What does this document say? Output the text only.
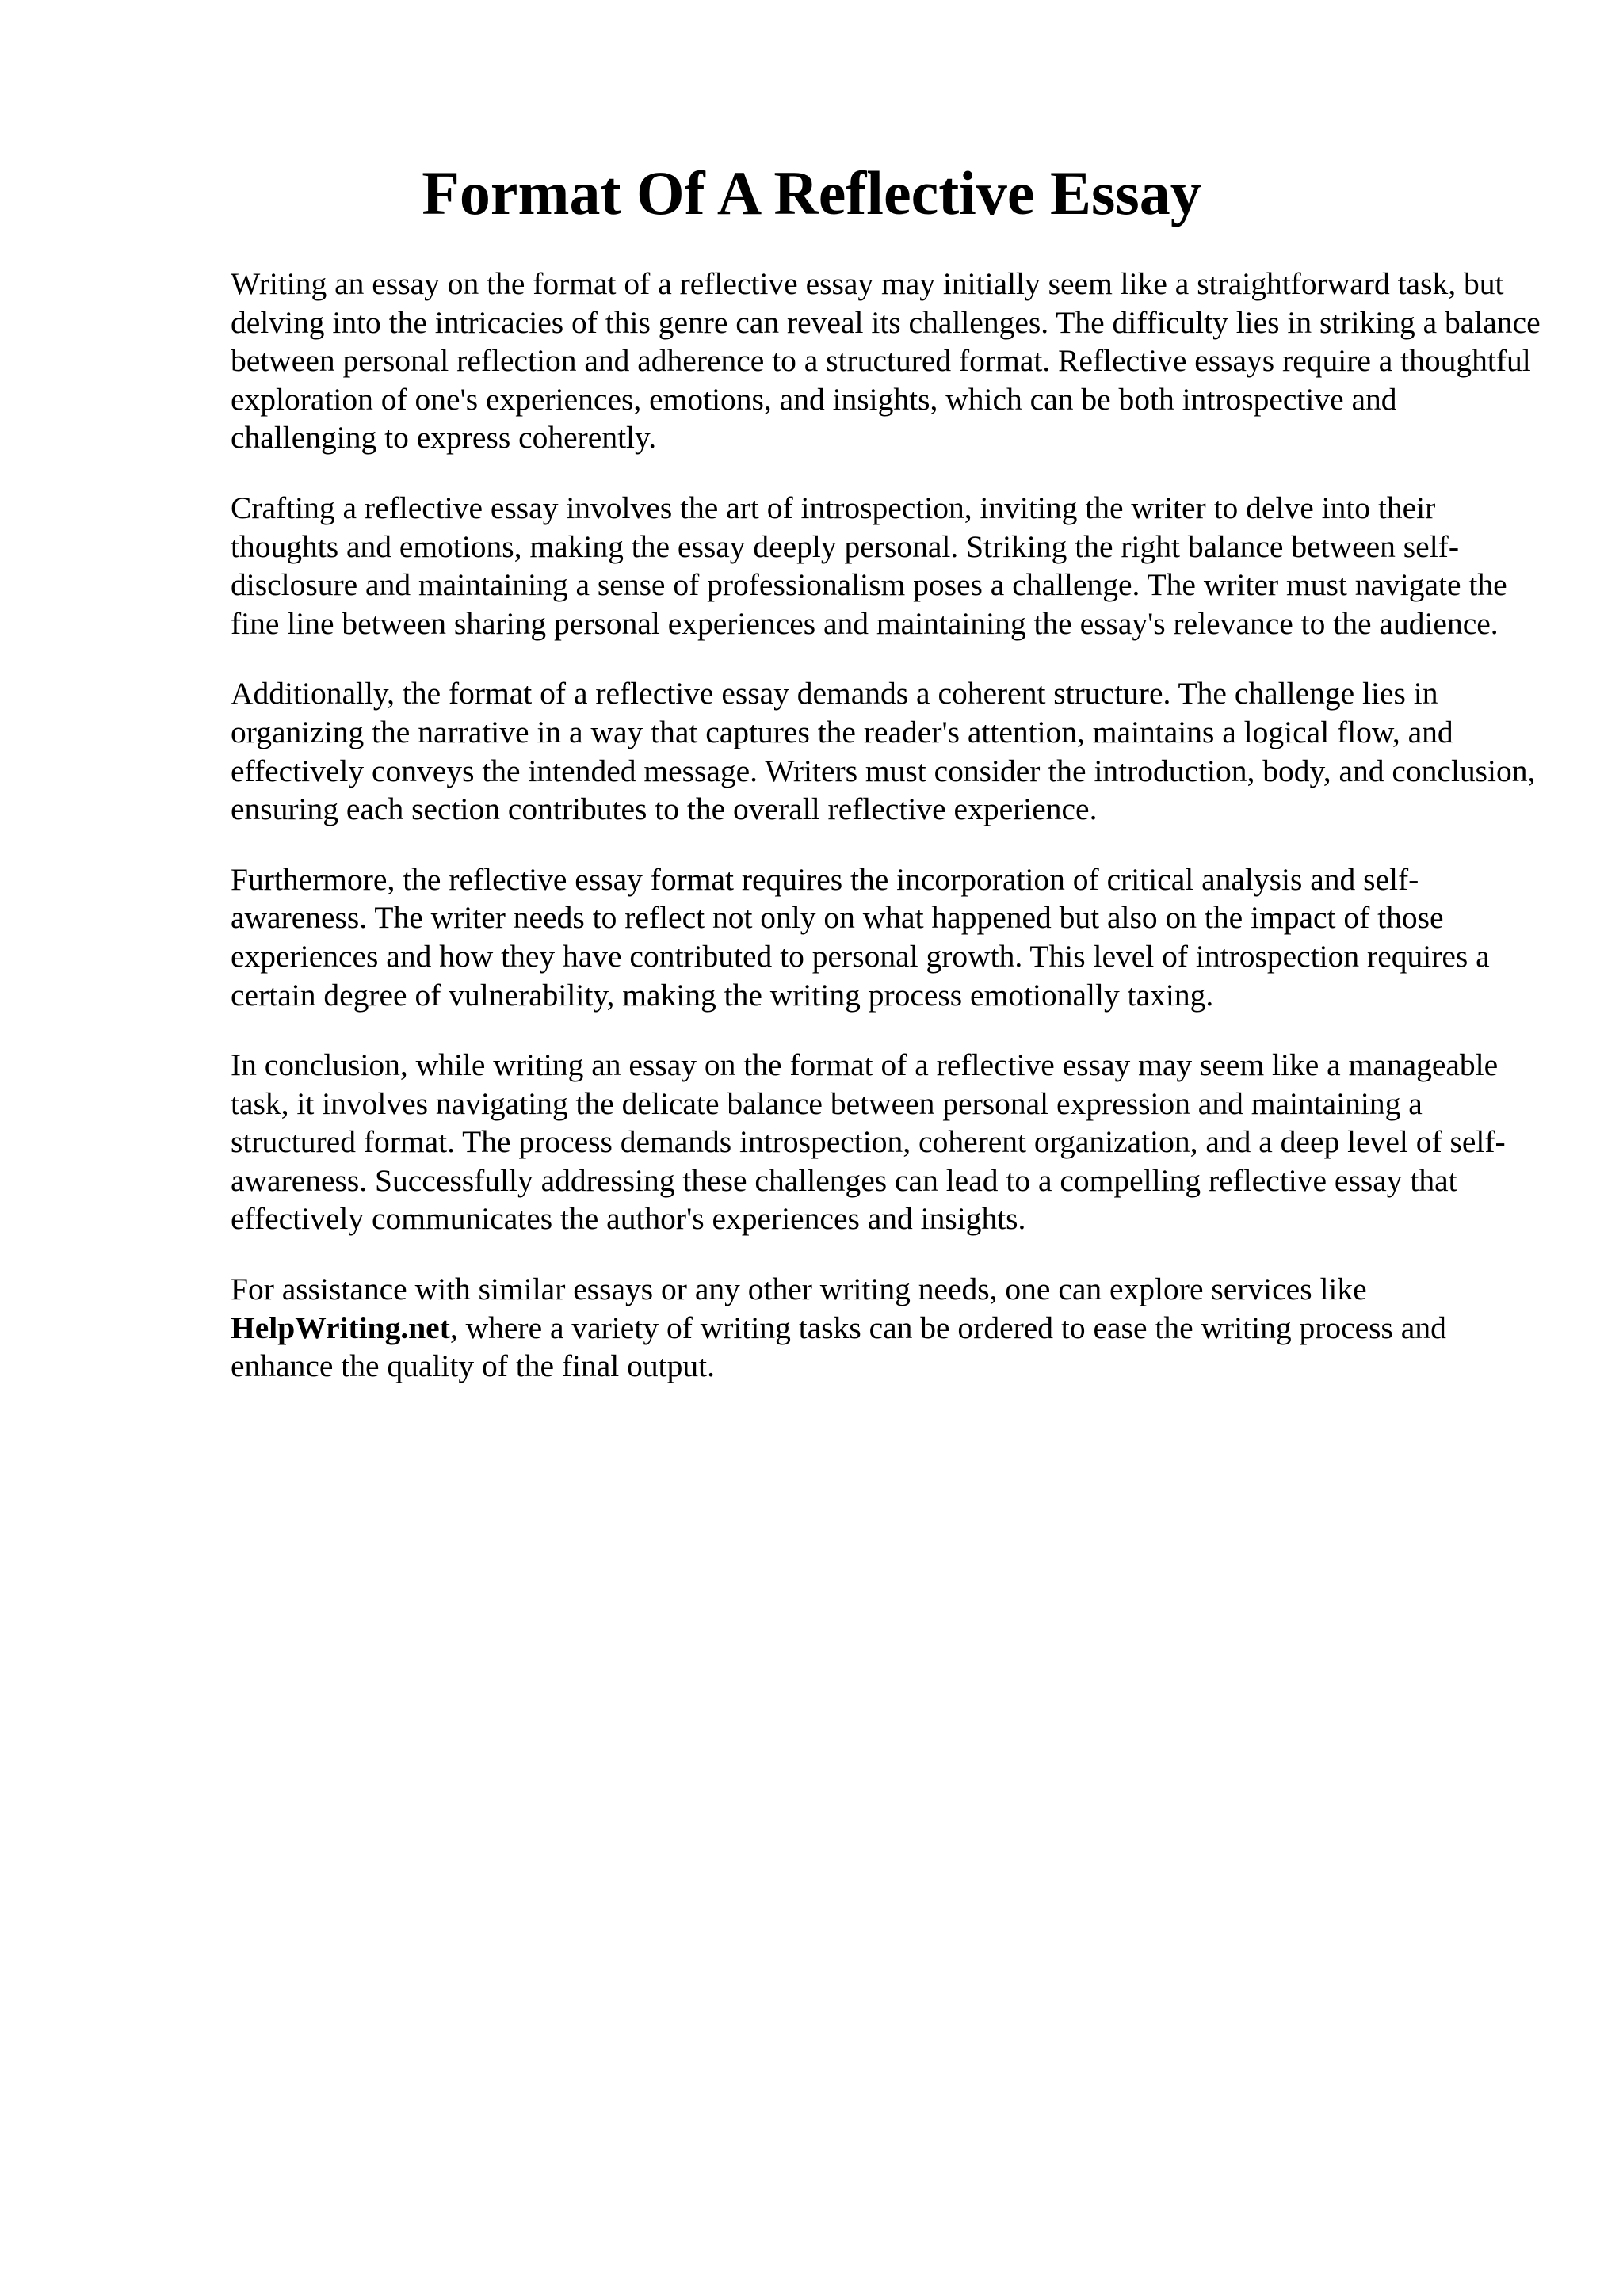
Format Of A Reflective Essay

Writing an essay on the format of a reflective essay may initially seem like a straightforward task, but delving into the intricacies of this genre can reveal its challenges. The difficulty lies in striking a balance between personal reflection and adherence to a structured format. Reflective essays require a thoughtful exploration of one's experiences, emotions, and insights, which can be both introspective and challenging to express coherently.

Crafting a reflective essay involves the art of introspection, inviting the writer to delve into their thoughts and emotions, making the essay deeply personal. Striking the right balance between self-disclosure and maintaining a sense of professionalism poses a challenge. The writer must navigate the fine line between sharing personal experiences and maintaining the essay's relevance to the audience.

Additionally, the format of a reflective essay demands a coherent structure. The challenge lies in organizing the narrative in a way that captures the reader's attention, maintains a logical flow, and effectively conveys the intended message. Writers must consider the introduction, body, and conclusion, ensuring each section contributes to the overall reflective experience.

Furthermore, the reflective essay format requires the incorporation of critical analysis and self-awareness. The writer needs to reflect not only on what happened but also on the impact of those experiences and how they have contributed to personal growth. This level of introspection requires a certain degree of vulnerability, making the writing process emotionally taxing.

In conclusion, while writing an essay on the format of a reflective essay may seem like a manageable task, it involves navigating the delicate balance between personal expression and maintaining a structured format. The process demands introspection, coherent organization, and a deep level of self-awareness. Successfully addressing these challenges can lead to a compelling reflective essay that effectively communicates the author's experiences and insights.

For assistance with similar essays or any other writing needs, one can explore services like HelpWriting.net, where a variety of writing tasks can be ordered to ease the writing process and enhance the quality of the final output.
